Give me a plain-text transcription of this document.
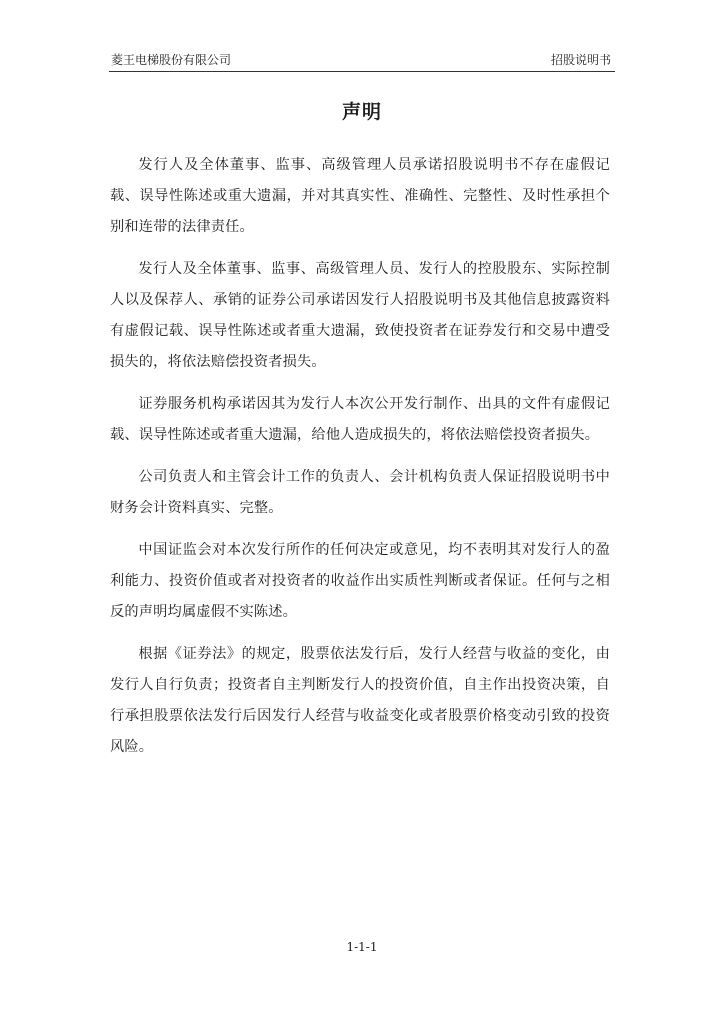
菱王电梯股份有限公司	招股说明书
声明

发行人及全体董事、监事、高级管理人员承诺招股说明书不存在虚假记载、误导性陈述或重大遗漏，并对其真实性、准确性、完整性、及时性承担个别和连带的法律责任。

发行人及全体董事、监事、高级管理人员、发行人的控股股东、实际控制人以及保荐人、承销的证券公司承诺因发行人招股说明书及其他信息披露资料有虚假记载、误导性陈述或者重大遗漏，致使投资者在证券发行和交易中遭受损失的，将依法赔偿投资者损失。

证券服务机构承诺因其为发行人本次公开发行制作、出具的文件有虚假记载、误导性陈述或者重大遗漏，给他人造成损失的，将依法赔偿投资者损失。

公司负责人和主管会计工作的负责人、会计机构负责人保证招股说明书中财务会计资料真实、完整。

中国证监会对本次发行所作的任何决定或意见，均不表明其对发行人的盈利能力、投资价值或者对投资者的收益作出实质性判断或者保证。任何与之相反的声明均属虚假不实陈述。

根据《证券法》的规定，股票依法发行后，发行人经营与收益的变化，由发行人自行负责；投资者自主判断发行人的投资价值，自主作出投资决策，自行承担股票依法发行后因发行人经营与收益变化或者股票价格变动引致的投资风险。

1-1-1
